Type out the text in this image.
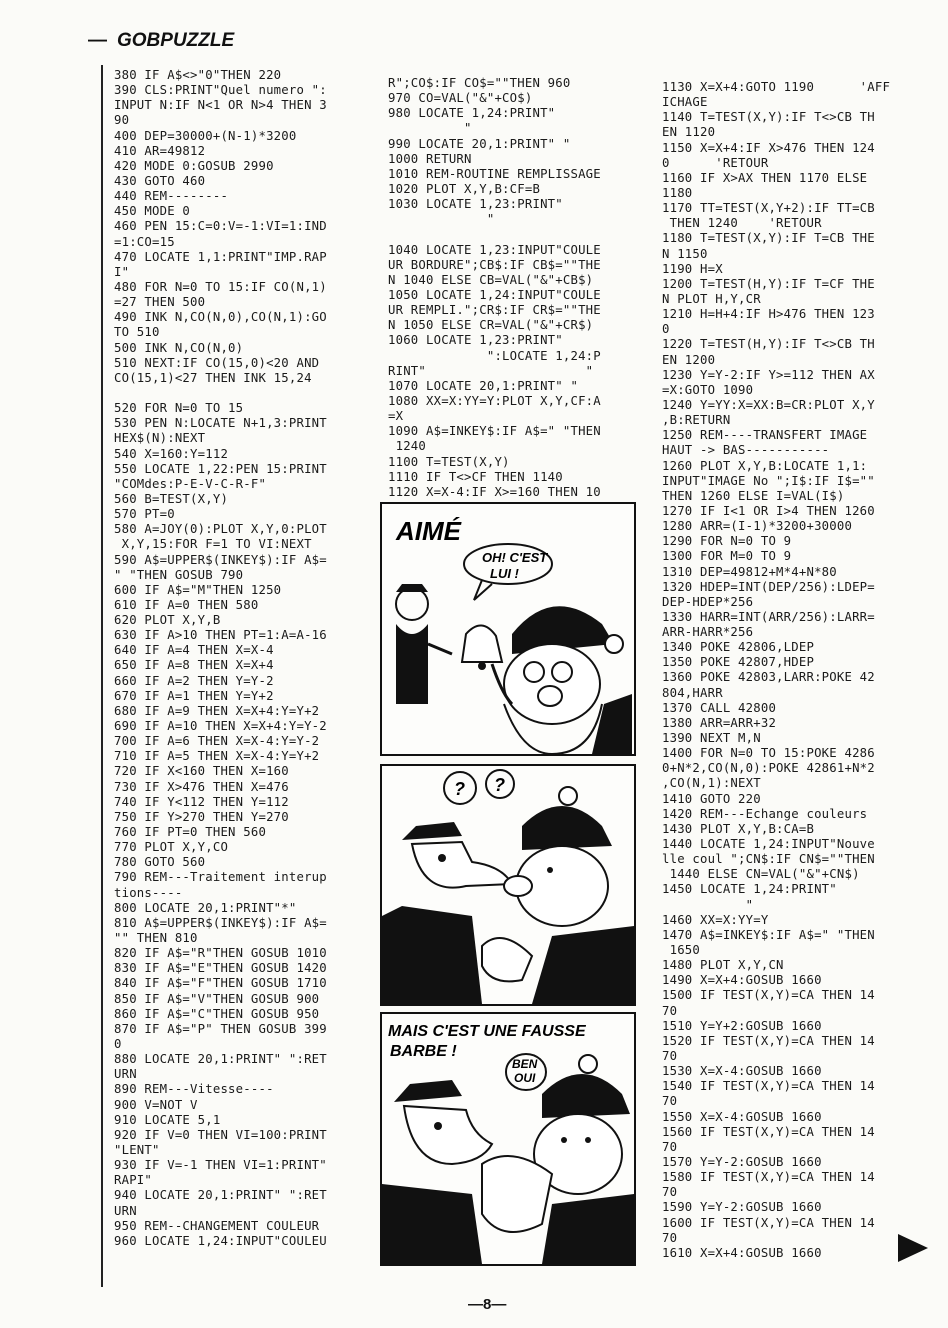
— GOBPUZZLE
380 IF A$<>"0"THEN 220
390 CLS:PRINT"Quel numero ":
INPUT N:IF N<1 OR N>4 THEN 3
90
400 DEP=30000+(N-1)*3200
410 AR=49812
420 MODE 0:GOSUB 2990
430 GOTO 460
440 REM--------
450 MODE 0
460 PEN 15:C=0:V=-1:VI=1:IND
=1:CO=15
470 LOCATE 1,1:PRINT"IMP.RAP
I"
480 FOR N=0 TO 15:IF CO(N,1)
=27 THEN 500
490 INK N,CO(N,0),CO(N,1):GO
TO 510
500 INK N,CO(N,0)
510 NEXT:IF CO(15,0)<20 AND
CO(15,1)<27 THEN INK 15,24
520 FOR N=0 TO 15
530 PEN N:LOCATE N+1,3:PRINT
HEX$(N):NEXT
540 X=160:Y=112
550 LOCATE 1,22:PEN 15:PRINT
"COMdes:P-E-V-C-R-F"
560 B=TEST(X,Y)
570 PT=0
580 A=JOY(0):PLOT X,Y,0:PLOT
X,Y,15:FOR F=1 TO VI:NEXT
590 A$=UPPER$(INKEY$):IF A$=
" "THEN GOSUB 790
600 IF A$="M"THEN 1250
610 IF A=0 THEN 580
620 PLOT X,Y,B
630 IF A>10 THEN PT=1:A=A-16
640 IF A=4 THEN X=X-4
650 IF A=8 THEN X=X+4
660 IF A=2 THEN Y=Y-2
670 IF A=1 THEN Y=Y+2
680 IF A=9 THEN X=X+4:Y=Y+2
690 IF A=10 THEN X=X+4:Y=Y-2
700 IF A=6 THEN X=X-4:Y=Y-2
710 IF A=5 THEN X=X-4:Y=Y+2
720 IF X<160 THEN X=160
730 IF X>476 THEN X=476
740 IF Y<112 THEN Y=112
750 IF Y>270 THEN Y=270
760 IF PT=0 THEN 560
770 PLOT X,Y,CO
780 GOTO 560
790 REM---Traitement interup
tions----
800 LOCATE 20,1:PRINT"*"
810 A$=UPPER$(INKEY$):IF A$=
"" THEN 810
820 IF A$="R"THEN GOSUB 1010
830 IF A$="E"THEN GOSUB 1420
840 IF A$="F"THEN GOSUB 1710
850 IF A$="V"THEN GOSUB 900
860 IF A$="C"THEN GOSUB 950
870 IF A$="P" THEN GOSUB 399
0
880 LOCATE 20,1:PRINT" ":RET
URN
890 REM---Vitesse----
900 V=NOT V
910 LOCATE 5,1
920 IF V=0 THEN VI=100:PRINT
"LENT"
930 IF V=-1 THEN VI=1:PRINT"
RAPI"
940 LOCATE 20,1:PRINT" ":RET
URN
950 REM--CHANGEMENT COULEUR
960 LOCATE 1,24:INPUT"COULEU
R";CO$:IF CO$=""THEN 960
970 CO=VAL("&"+CO$)
980 LOCATE 1,24:PRINT"
"
990 LOCATE 20,1:PRINT" "
1000 RETURN
1010 REM-ROUTINE REMPLISSAGE
1020 PLOT X,Y,B:CF=B
1030 LOCATE 1,23:PRINT"
"
1040 LOCATE 1,23:INPUT"COULE
UR BORDURE";CB$:IF CB$=""THE
N 1040 ELSE CB=VAL("&"+CB$)
1050 LOCATE 1,24:INPUT"COULE
UR REMPLI.";CR$:IF CR$=""THE
N 1050 ELSE CR=VAL("&"+CR$)
1060 LOCATE 1,23:PRINT"
":LOCATE 1,24:P
RINT"                     "
1070 LOCATE 20,1:PRINT" "
1080 XX=X:YY=Y:PLOT X,Y,CF:A
=X
1090 A$=INKEY$:IF A$=" "THEN
1240
1100 T=TEST(X,Y)
1110 IF T<>CF THEN 1140
1120 X=X-4:IF X>=160 THEN 10
1130 X=X+4:GOTO 1190      'AFF
ICHAGE
1140 T=TEST(X,Y):IF T<>CB TH
EN 1120
1150 X=X+4:IF X>476 THEN 124
0      'RETOUR
1160 IF X>AX THEN 1170 ELSE
1180
1170 TT=TEST(X,Y+2):IF TT=CB
THEN 1240    'RETOUR
1180 T=TEST(X,Y):IF T=CB THE
N 1150
1190 H=X
1200 T=TEST(H,Y):IF T=CF THE
N PLOT H,Y,CR
1210 H=H+4:IF H>476 THEN 123
0
1220 T=TEST(H,Y):IF T<>CB TH
EN 1200
1230 Y=Y-2:IF Y>=112 THEN AX
=X:GOTO 1090
1240 Y=YY:X=XX:B=CR:PLOT X,Y
,B:RETURN
1250 REM----TRANSFERT IMAGE
HAUT -> BAS-----------
1260 PLOT X,Y,B:LOCATE 1,1:
INPUT"IMAGE No ";I$:IF I$=""
THEN 1260 ELSE I=VAL(I$)
1270 IF I<1 OR I>4 THEN 1260
1280 ARR=(I-1)*3200+30000
1290 FOR N=0 TO 9
1300 FOR M=0 TO 9
1310 DEP=49812+M*4+N*80
1320 HDEP=INT(DEP/256):LDEP=
DEP-HDEP*256
1330 HARR=INT(ARR/256):LARR=
ARR-HARR*256
1340 POKE 42806,LDEP
1350 POKE 42807,HDEP
1360 POKE 42803,LARR:POKE 42
804,HARR
1370 CALL 42800
1380 ARR=ARR+32
1390 NEXT M,N
1400 FOR N=0 TO 15:POKE 4286
0+N*2,CO(N,0):POKE 42861+N*2
,CO(N,1):NEXT
1410 GOTO 220
1420 REM---Echange couleurs
1430 PLOT X,Y,B:CA=B
1440 LOCATE 1,24:INPUT"Nouve
lle coul ";CN$:IF CN$=""THEN
1440 ELSE CN=VAL("&"+CN$)
1450 LOCATE 1,24:PRINT"
"
1460 XX=X:YY=Y
1470 A$=INKEY$:IF A$=" "THEN
1650
1480 PLOT X,Y,CN
1490 X=X+4:GOSUB 1660
1500 IF TEST(X,Y)=CA THEN 14
70
1510 Y=Y+2:GOSUB 1660
1520 IF TEST(X,Y)=CA THEN 14
70
1530 X=X-4:GOSUB 1660
1540 IF TEST(X,Y)=CA THEN 14
70
1550 X=X-4:GOSUB 1660
1560 IF TEST(X,Y)=CA THEN 14
70
1570 Y=Y-2:GOSUB 1660
1580 IF TEST(X,Y)=CA THEN 14
70
1590 Y=Y-2:GOSUB 1660
1600 IF TEST(X,Y)=CA THEN 14
70
1610 X=X+4:GOSUB 1660
AIMÉ
OH! C'EST
LUI !
? ?
MAIS C'EST UNE FAUSSE
BARBE !
BEN
OUI
—8—
